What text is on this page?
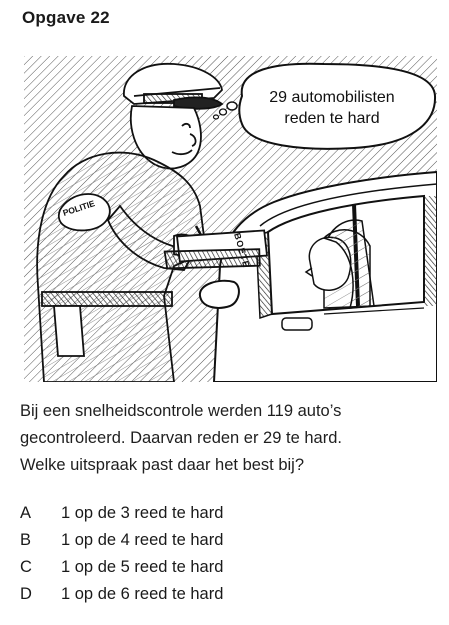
Opgave 22
BOETE
POLITIE
29 automobilisten
reden te hard
Bij een snelheidscontrole werden 119 auto’s
gecontroleerd. Daarvan reden er 29 te hard.
Welke uitspraak past daar het best bij?
A	1 op de 3 reed te hard
B	1 op de 4 reed te hard
C	1 op de 5 reed te hard
D	1 op de 6 reed te hard
